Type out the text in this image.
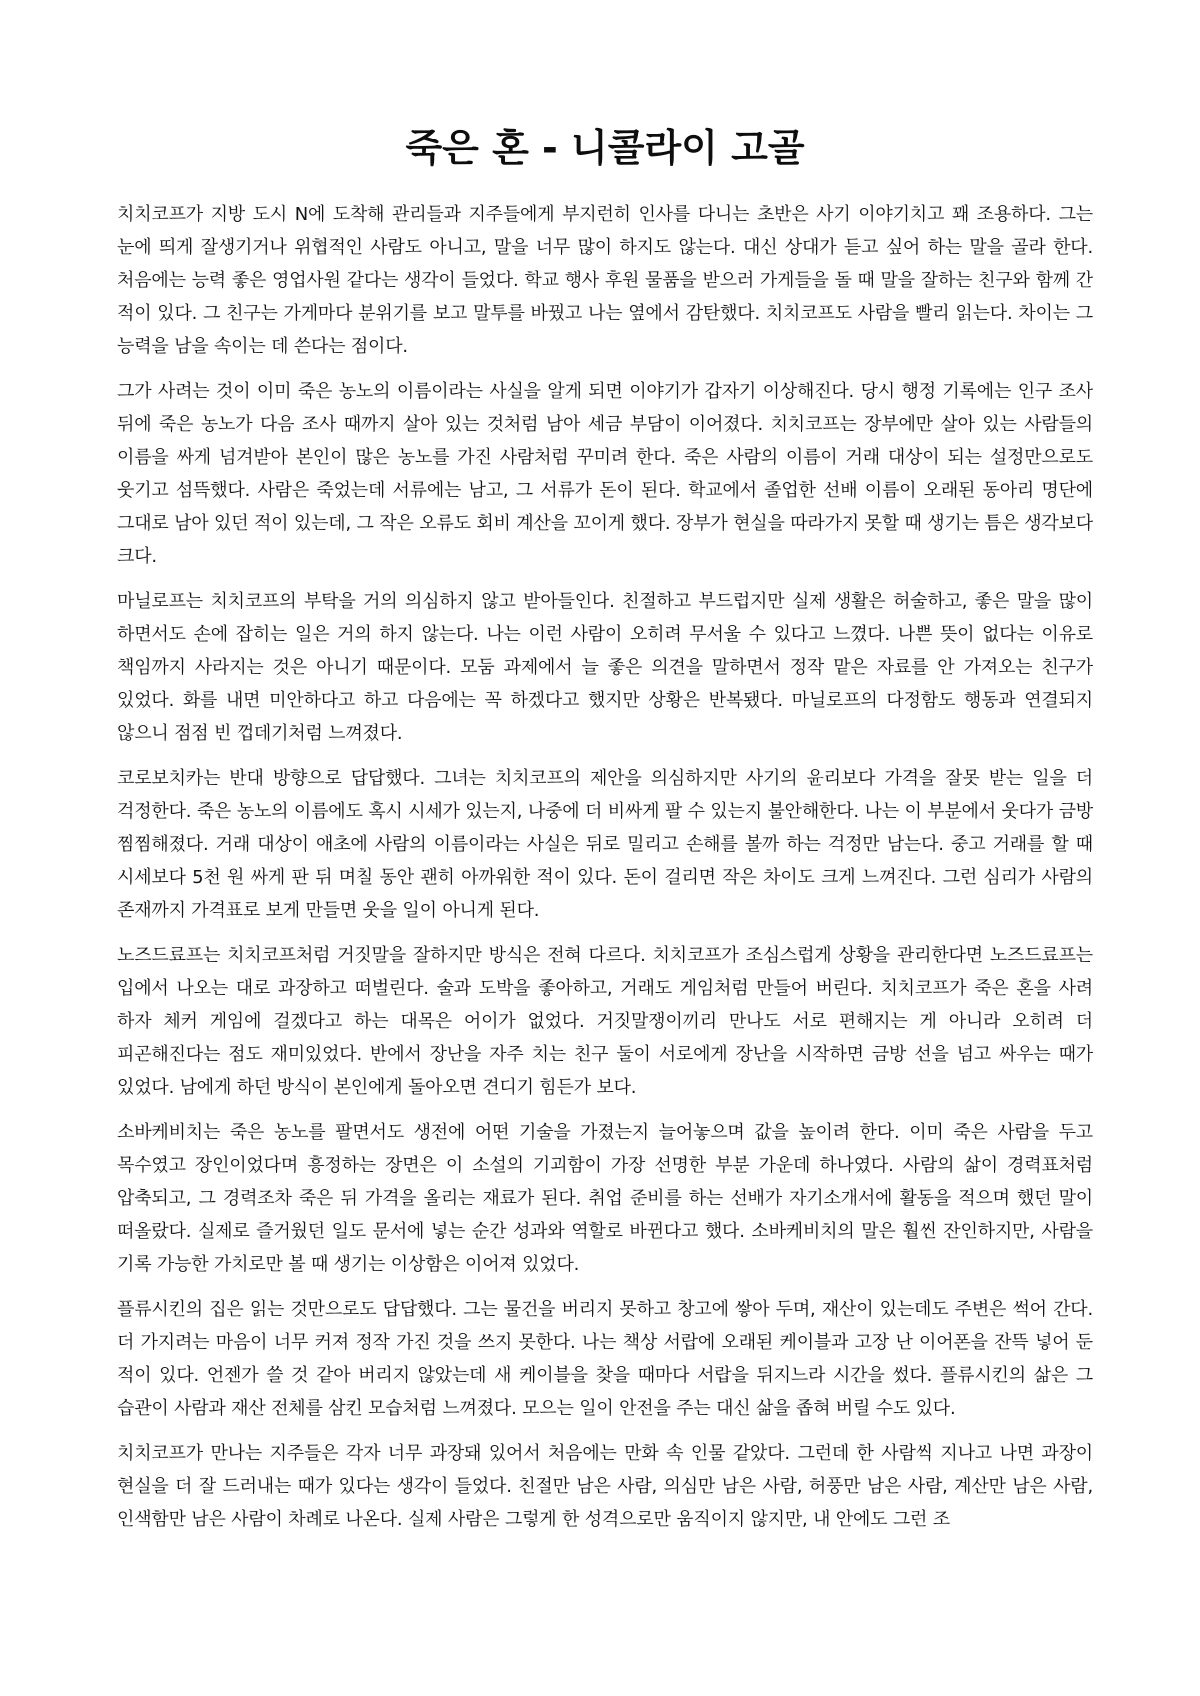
죽은 혼 - 니콜라이 고골

치치코프가 지방 도시 N에 도착해 관리들과 지주들에게 부지런히 인사를 다니는 초반은 사기 이야기치고 꽤 조용하다. 그는 눈에 띄게 잘생기거나 위협적인 사람도 아니고, 말을 너무 많이 하지도 않는다. 대신 상대가 듣고 싶어 하는 말을 골라 한다. 처음에는 능력 좋은 영업사원 같다는 생각이 들었다. 학교 행사 후원 물품을 받으러 가게들을 돌 때 말을 잘하는 친구와 함께 간 적이 있다. 그 친구는 가게마다 분위기를 보고 말투를 바꿨고 나는 옆에서 감탄했다. 치치코프도 사람을 빨리 읽는다. 차이는 그 능력을 남을 속이는 데 쓴다는 점이다.

그가 사려는 것이 이미 죽은 농노의 이름이라는 사실을 알게 되면 이야기가 갑자기 이상해진다. 당시 행정 기록에는 인구 조사 뒤에 죽은 농노가 다음 조사 때까지 살아 있는 것처럼 남아 세금 부담이 이어졌다. 치치코프는 장부에만 살아 있는 사람들의 이름을 싸게 넘겨받아 본인이 많은 농노를 가진 사람처럼 꾸미려 한다. 죽은 사람의 이름이 거래 대상이 되는 설정만으로도 웃기고 섬뜩했다. 사람은 죽었는데 서류에는 남고, 그 서류가 돈이 된다. 학교에서 졸업한 선배 이름이 오래된 동아리 명단에 그대로 남아 있던 적이 있는데, 그 작은 오류도 회비 계산을 꼬이게 했다. 장부가 현실을 따라가지 못할 때 생기는 틈은 생각보다 크다.

마닐로프는 치치코프의 부탁을 거의 의심하지 않고 받아들인다. 친절하고 부드럽지만 실제 생활은 허술하고, 좋은 말을 많이 하면서도 손에 잡히는 일은 거의 하지 않는다. 나는 이런 사람이 오히려 무서울 수 있다고 느꼈다. 나쁜 뜻이 없다는 이유로 책임까지 사라지는 것은 아니기 때문이다. 모둠 과제에서 늘 좋은 의견을 말하면서 정작 맡은 자료를 안 가져오는 친구가 있었다. 화를 내면 미안하다고 하고 다음에는 꼭 하겠다고 했지만 상황은 반복됐다. 마닐로프의 다정함도 행동과 연결되지 않으니 점점 빈 껍데기처럼 느껴졌다.

코로보치카는 반대 방향으로 답답했다. 그녀는 치치코프의 제안을 의심하지만 사기의 윤리보다 가격을 잘못 받는 일을 더 걱정한다. 죽은 농노의 이름에도 혹시 시세가 있는지, 나중에 더 비싸게 팔 수 있는지 불안해한다. 나는 이 부분에서 웃다가 금방 찜찜해졌다. 거래 대상이 애초에 사람의 이름이라는 사실은 뒤로 밀리고 손해를 볼까 하는 걱정만 남는다. 중고 거래를 할 때 시세보다 5천 원 싸게 판 뒤 며칠 동안 괜히 아까워한 적이 있다. 돈이 걸리면 작은 차이도 크게 느껴진다. 그런 심리가 사람의 존재까지 가격표로 보게 만들면 웃을 일이 아니게 된다.

노즈드료프는 치치코프처럼 거짓말을 잘하지만 방식은 전혀 다르다. 치치코프가 조심스럽게 상황을 관리한다면 노즈드료프는 입에서 나오는 대로 과장하고 떠벌린다. 술과 도박을 좋아하고, 거래도 게임처럼 만들어 버린다. 치치코프가 죽은 혼을 사려 하자 체커 게임에 걸겠다고 하는 대목은 어이가 없었다. 거짓말쟁이끼리 만나도 서로 편해지는 게 아니라 오히려 더 피곤해진다는 점도 재미있었다. 반에서 장난을 자주 치는 친구 둘이 서로에게 장난을 시작하면 금방 선을 넘고 싸우는 때가 있었다. 남에게 하던 방식이 본인에게 돌아오면 견디기 힘든가 보다.

소바케비치는 죽은 농노를 팔면서도 생전에 어떤 기술을 가졌는지 늘어놓으며 값을 높이려 한다. 이미 죽은 사람을 두고 목수였고 장인이었다며 흥정하는 장면은 이 소설의 기괴함이 가장 선명한 부분 가운데 하나였다. 사람의 삶이 경력표처럼 압축되고, 그 경력조차 죽은 뒤 가격을 올리는 재료가 된다. 취업 준비를 하는 선배가 자기소개서에 활동을 적으며 했던 말이 떠올랐다. 실제로 즐거웠던 일도 문서에 넣는 순간 성과와 역할로 바뀐다고 했다. 소바케비치의 말은 훨씬 잔인하지만, 사람을 기록 가능한 가치로만 볼 때 생기는 이상함은 이어져 있었다.

플류시킨의 집은 읽는 것만으로도 답답했다. 그는 물건을 버리지 못하고 창고에 쌓아 두며, 재산이 있는데도 주변은 썩어 간다. 더 가지려는 마음이 너무 커져 정작 가진 것을 쓰지 못한다. 나는 책상 서랍에 오래된 케이블과 고장 난 이어폰을 잔뜩 넣어 둔 적이 있다. 언젠가 쓸 것 같아 버리지 않았는데 새 케이블을 찾을 때마다 서랍을 뒤지느라 시간을 썼다. 플류시킨의 삶은 그 습관이 사람과 재산 전체를 삼킨 모습처럼 느껴졌다. 모으는 일이 안전을 주는 대신 삶을 좁혀 버릴 수도 있다.

치치코프가 만나는 지주들은 각자 너무 과장돼 있어서 처음에는 만화 속 인물 같았다. 그런데 한 사람씩 지나고 나면 과장이 현실을 더 잘 드러내는 때가 있다는 생각이 들었다. 친절만 남은 사람, 의심만 남은 사람, 허풍만 남은 사람, 계산만 남은 사람, 인색함만 남은 사람이 차례로 나온다. 실제 사람은 그렇게 한 성격으로만 움직이지 않지만, 내 안에도 그런 조
